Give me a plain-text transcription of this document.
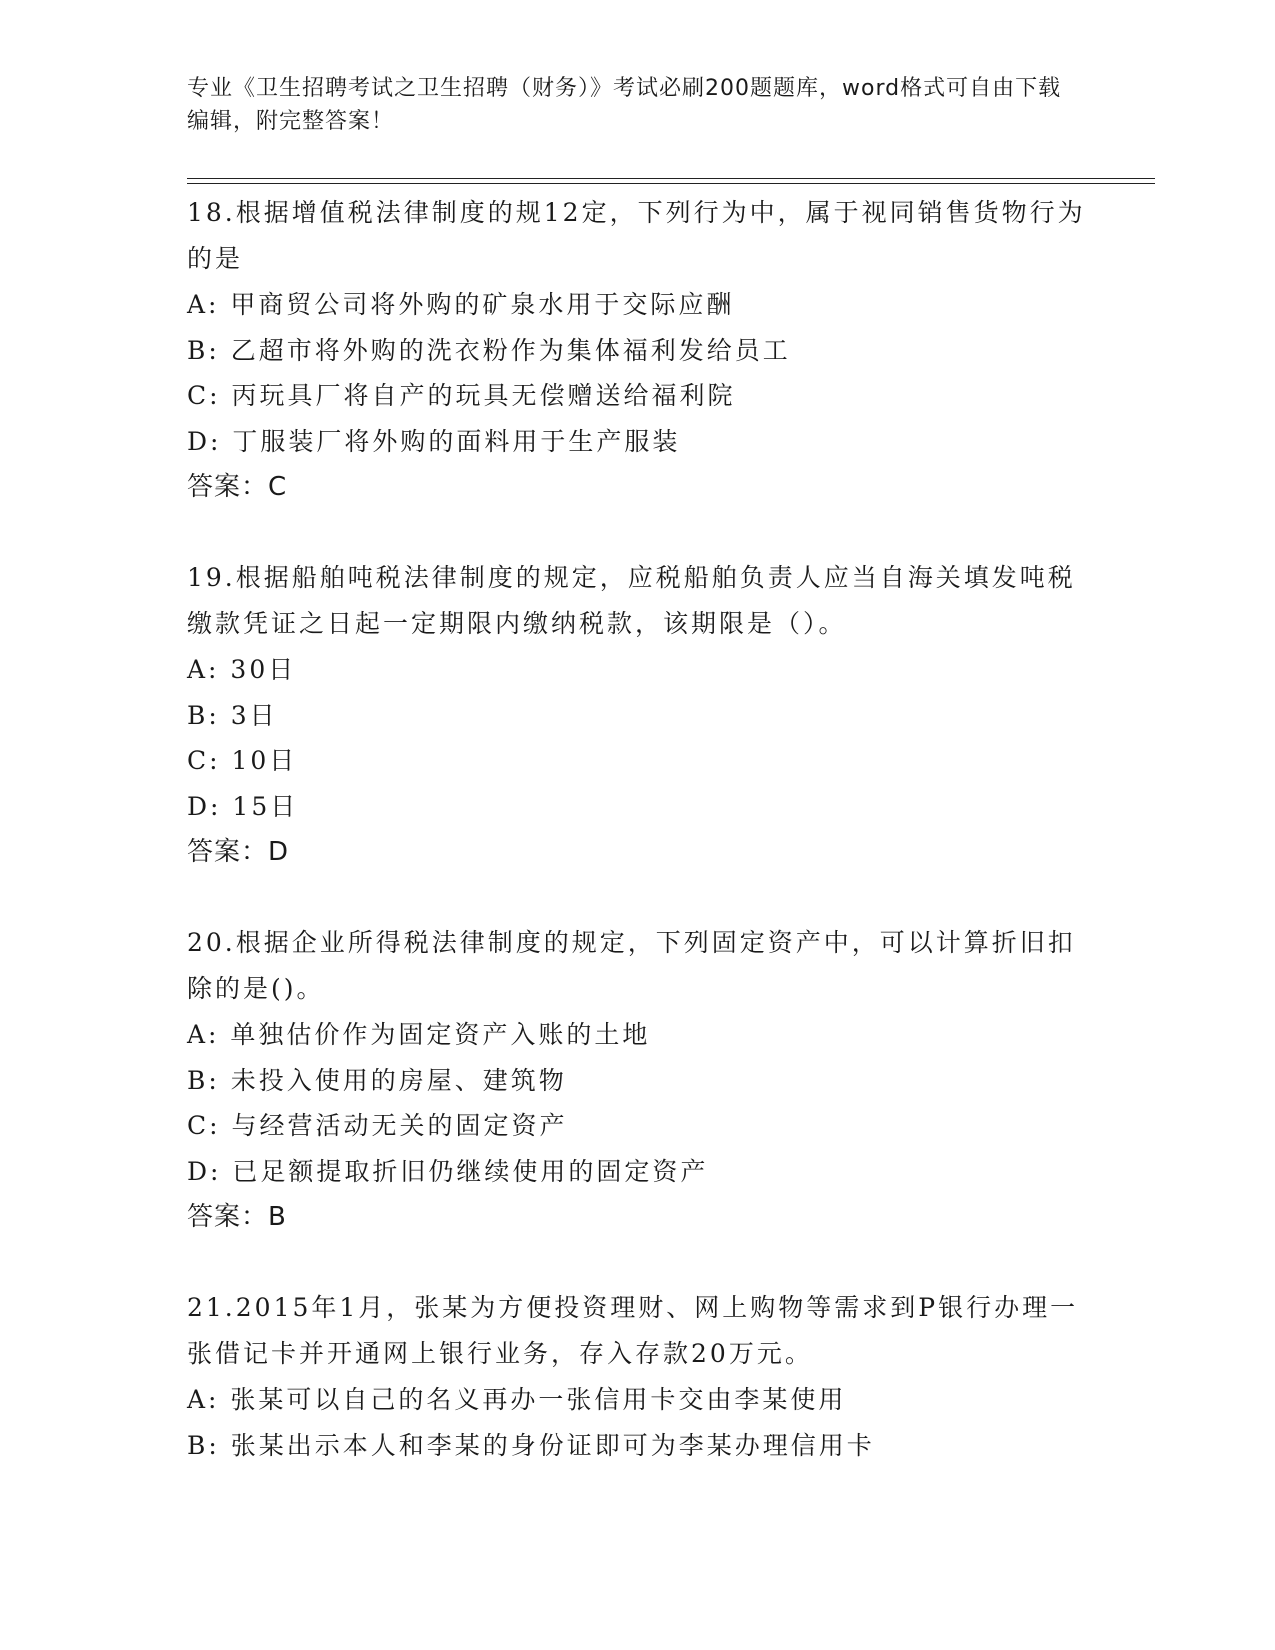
专业《卫生招聘考试之卫生招聘（财务）》考试必刷200题题库，word格式可自由下载编辑，附完整答案！
18.根据增值税法律制度的规12定，下列行为中，属于视同销售货物行为的是
A: 甲商贸公司将外购的矿泉水用于交际应酬
B: 乙超市将外购的洗衣粉作为集体福利发给员工
C: 丙玩具厂将自产的玩具无偿赠送给福利院
D: 丁服装厂将外购的面料用于生产服装
答案：C
19.根据船舶吨税法律制度的规定，应税船舶负责人应当自海关填发吨税缴款凭证之日起一定期限内缴纳税款，该期限是（）。
A: 30日
B: 3日
C: 10日
D: 15日
答案：D
20.根据企业所得税法律制度的规定，下列固定资产中，可以计算折旧扣除的是()。
A: 单独估价作为固定资产入账的土地
B: 未投入使用的房屋、建筑物
C: 与经营活动无关的固定资产
D: 已足额提取折旧仍继续使用的固定资产
答案：B
21.2015年1月，张某为方便投资理财、网上购物等需求到P银行办理一张借记卡并开通网上银行业务，存入存款20万元。
A: 张某可以自己的名义再办一张信用卡交由李某使用
B: 张某出示本人和李某的身份证即可为李某办理信用卡
